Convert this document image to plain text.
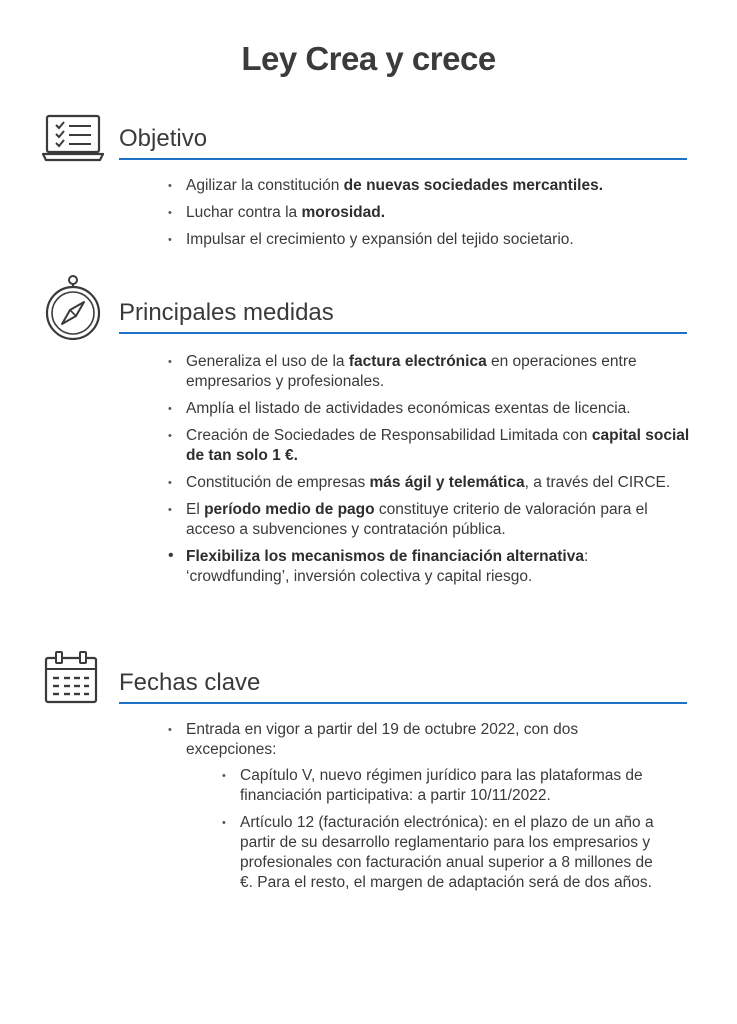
Ley Crea y crece
Objetivo
• Agilizar la constitución de nuevas sociedades mercantiles.
• Luchar contra la morosidad.
• Impulsar el crecimiento y expansión del tejido societario.
Principales medidas
• Generaliza el uso de la factura electrónica en operaciones entre empresarios y profesionales.
• Amplía el listado de actividades económicas exentas de licencia.
• Creación de Sociedades de Responsabilidad Limitada con capital social de tan solo 1 €.
• Constitución de empresas más ágil y telemática, a través del CIRCE.
• El período medio de pago constituye criterio de valoración para el acceso a subvenciones y contratación pública.
• Flexibiliza los mecanismos de financiación alternativa: ‘crowdfunding’, inversión colectiva y capital riesgo.
Fechas clave
• Entrada en vigor a partir del 19 de octubre 2022, con dos excepciones:
• Capítulo V, nuevo régimen jurídico para las plataformas de financiación participativa: a partir 10/11/2022.
• Artículo 12 (facturación electrónica): en el plazo de un año a partir de su desarrollo reglamentario para los empresarios y profesionales con facturación anual superior a 8 millones de €. Para el resto, el margen de adaptación será de dos años.
